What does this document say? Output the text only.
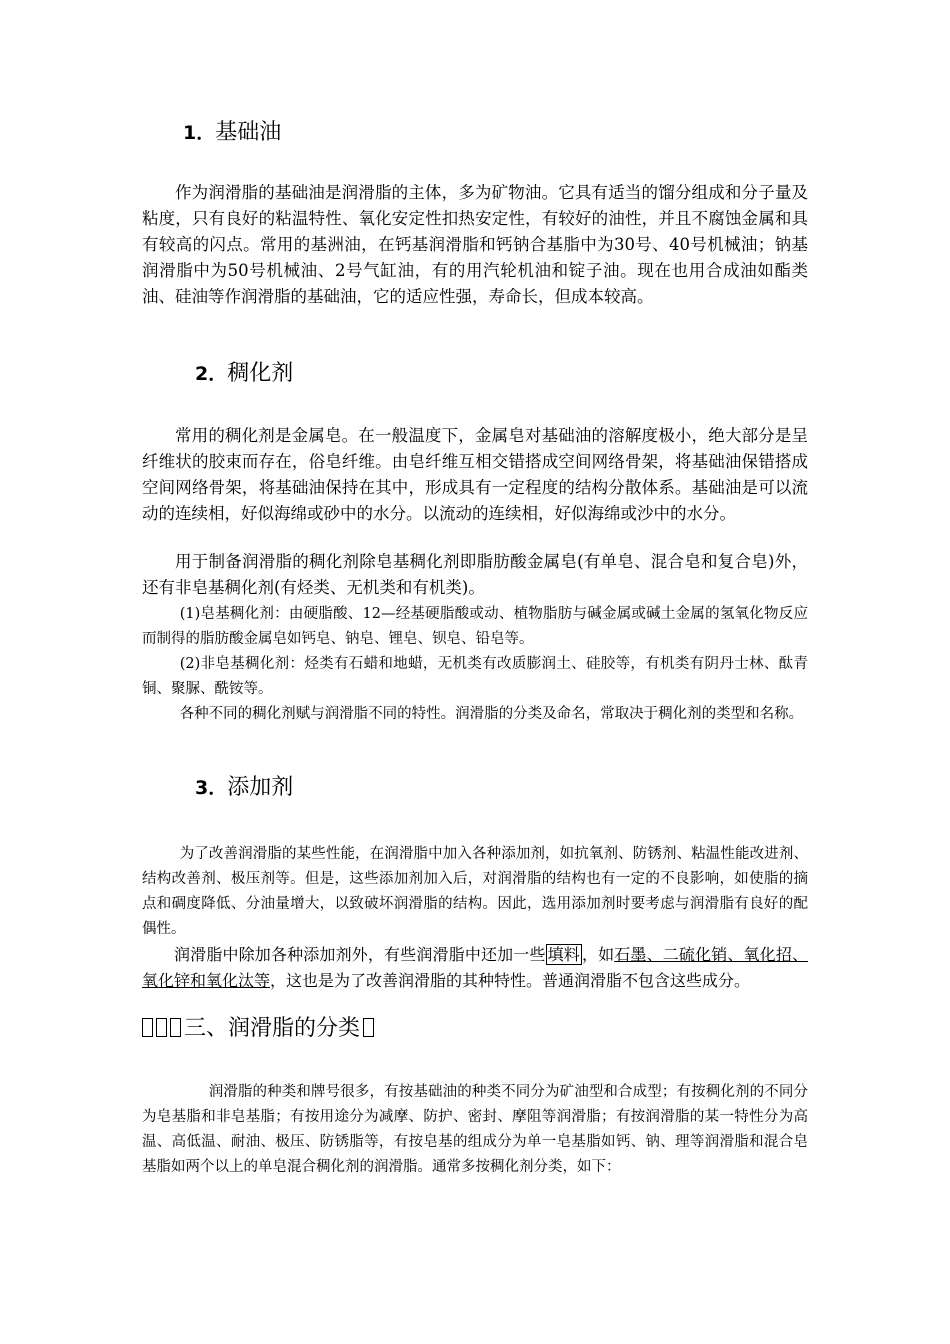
1．基础油
作为润滑脂的基础油是润滑脂的主体，多为矿物油。它具有适当的馏分组成和分子量及粘度，只有良好的粘温特性、氧化安定性扣热安定性，有较好的油性，并且不腐蚀金属和具有较高的闪点。常用的基洲油，在钙基润滑脂和钙钠合基脂中为30号、40号机械油；钠基润滑脂中为50号机械油、2号气缸油，有的用汽轮机油和锭子油。现在也用合成油如酯类油、硅油等作润滑脂的基础油，它的适应性强，寿命长，但成本较高。
2．稠化剂
常用的稠化剂是金属皂。在一般温度下，金属皂对基础油的溶解度极小，绝大部分是呈纤维状的胶束而存在，俗皂纤维。由皂纤维互相交错搭成空间网络骨架，将基础油保错搭成空间网络骨架，将基础油保持在其中，形成具有一定程度的结构分散体系。基础油是可以流动的连续相，好似海绵或砂中的水分。以流动的连续相，好似海绵或沙中的水分。
用于制备润滑脂的稠化剂除皂基稠化剂即脂肪酸金属皂(有单皂、混合皂和复合皂)外，还有非皂基稠化剂(有烃类、无机类和有机类)。
(1)皂基稠化剂：由硬脂酸、12—经基硬脂酸或动、植物脂肪与碱金属或碱土金属的氢氧化物反应而制得的脂肪酸金属皂如钙皂、钠皂、锂皂、钡皂、铅皂等。
(2)非皂基稠化剂：烃类有石蜡和地蜡，无机类有改质膨润土、硅胶等，有机类有阴丹士林、酞青铜、聚脲、酰铵等。
各种不同的稠化剂赋与润滑脂不同的特性。润滑脂的分类及命名，常取决于稠化剂的类型和名称。
3．添加剂
为了改善润滑脂的某些性能，在润滑脂中加入各种添加剂，如抗氧剂、防锈剂、粘温性能改进剂、结构改善剂、极压剂等。但是，这些添加剂加入后，对润滑脂的结构也有一定的不良影响，如使脂的摘点和碉度降低、分油量增大，以致破坏润滑脂的结构。因此，选用添加剂时要考虑与润滑脂有良好的配偶性。
润滑脂中除加各种添加剂外，有些润滑脂中还加一些 填料 ，如石墨、二硫化销、氧化招、氧化锌和氧化汰等，这也是为了改善润滑脂的其种特性。普通润滑脂不包含这些成分。
三、润滑脂的分类
润滑脂的种类和牌号很多，有按基础油的种类不同分为矿油型和合成型；有按稠化剂的不同分为皂基脂和非皂基脂；有按用途分为减摩、防护、密封、摩阻等润滑脂；有按润滑脂的某一特性分为高温、高低温、耐油、极压、防锈脂等，有按皂基的组成分为单一皂基脂如钙、钠、理等润滑脂和混合皂基脂如两个以上的单皂混合稠化剂的润滑脂。通常多按稠化剂分类，如下：
